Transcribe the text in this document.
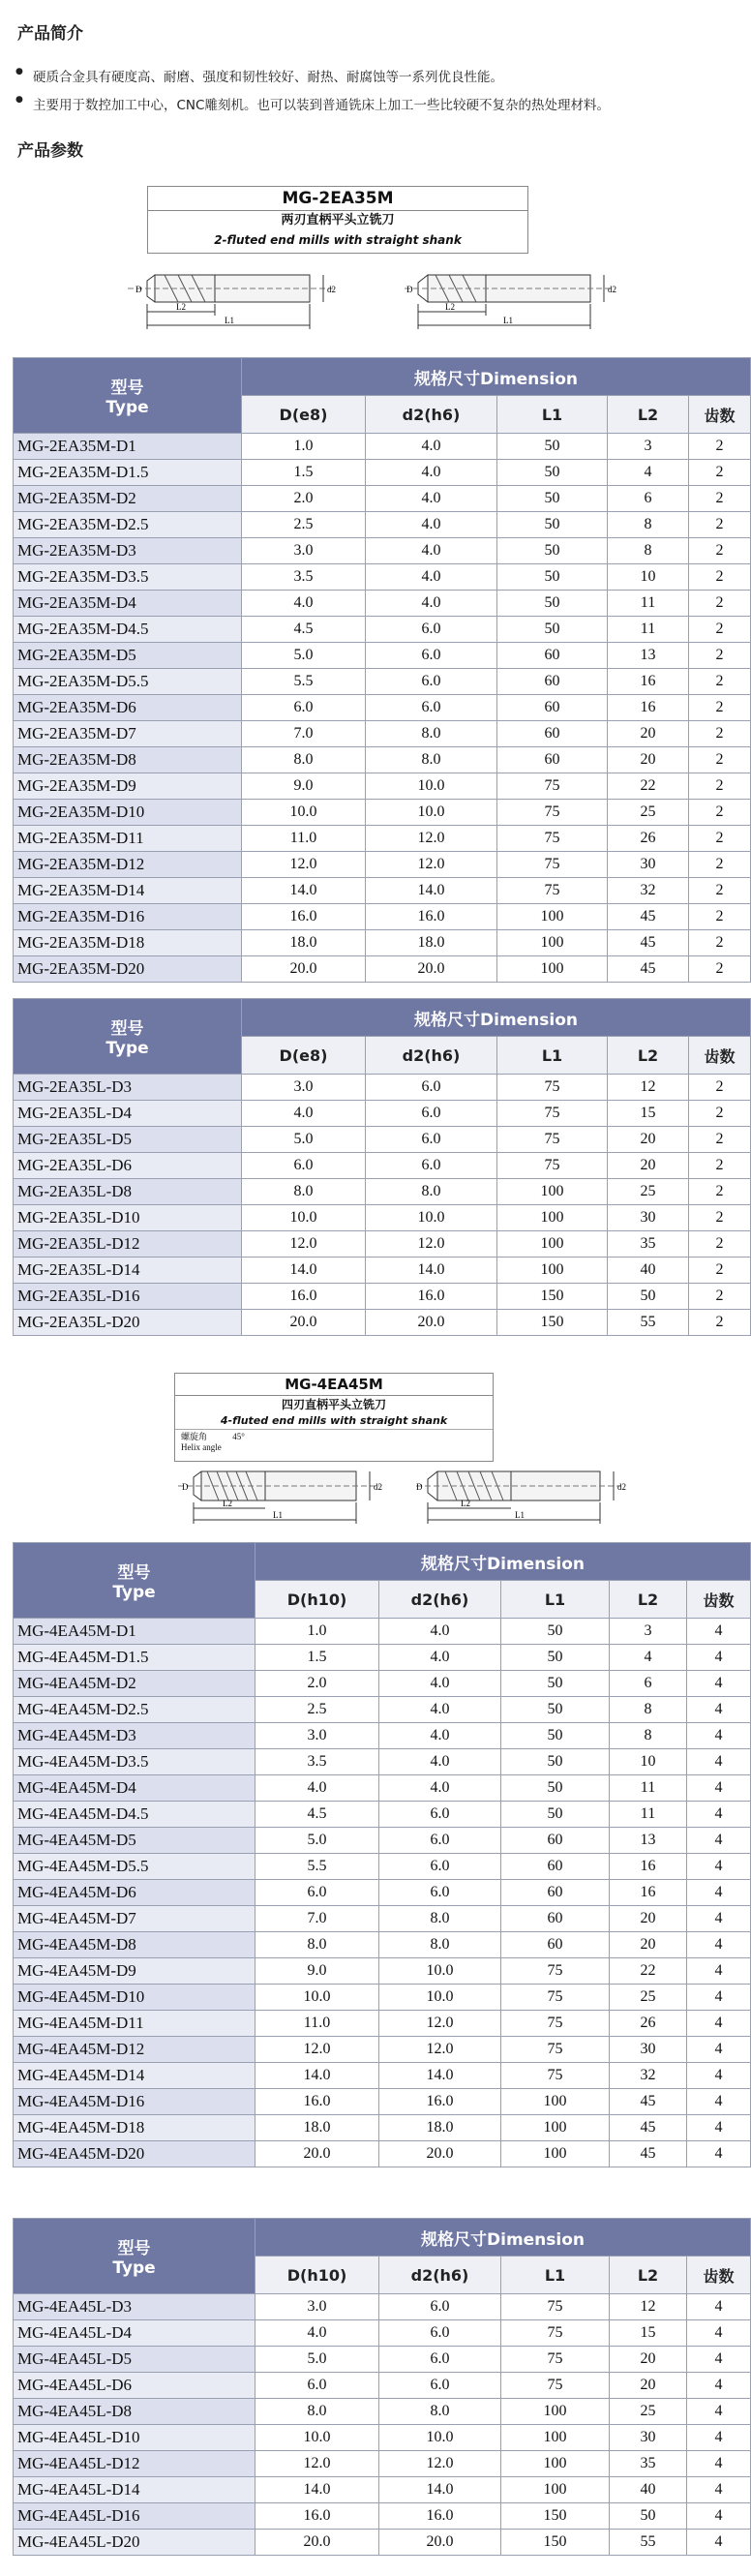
产品简介
● 硬质合金具有硬度高、耐磨、强度和韧性较好、耐热、耐腐蚀等一系列优良性能。
● 主要用于数控加工中心，CNC雕刻机。也可以装到普通铣床上加工一些比较硬不复杂的热处理材料。
产品参数
MG-2EA35M
两刃直柄平头立铣刀
2-fluted end mills with straight shank
D	d2
L2
L1
D	d2
L2
L1
型号
Type	规格尺寸Dimension				
	D(e8)	d2(h6)	L1	L2	齿数
MG-2EA35M-D1	1.0	4.0	50	3	2
MG-2EA35M-D1.5	1.5	4.0	50	4	2
MG-2EA35M-D2	2.0	4.0	50	6	2
MG-2EA35M-D2.5	2.5	4.0	50	8	2
MG-2EA35M-D3	3.0	4.0	50	8	2
MG-2EA35M-D3.5	3.5	4.0	50	10	2
MG-2EA35M-D4	4.0	4.0	50	11	2
MG-2EA35M-D4.5	4.5	6.0	50	11	2
MG-2EA35M-D5	5.0	6.0	60	13	2
MG-2EA35M-D5.5	5.5	6.0	60	16	2
MG-2EA35M-D6	6.0	6.0	60	16	2
MG-2EA35M-D7	7.0	8.0	60	20	2
MG-2EA35M-D8	8.0	8.0	60	20	2
MG-2EA35M-D9	9.0	10.0	75	22	2
MG-2EA35M-D10	10.0	10.0	75	25	2
MG-2EA35M-D11	11.0	12.0	75	26	2
MG-2EA35M-D12	12.0	12.0	75	30	2
MG-2EA35M-D14	14.0	14.0	75	32	2
MG-2EA35M-D16	16.0	16.0	100	45	2
MG-2EA35M-D18	18.0	18.0	100	45	2
MG-2EA35M-D20	20.0	20.0	100	45	2
型号
Type	规格尺寸Dimension				
	D(e8)	d2(h6)	L1	L2	齿数
MG-2EA35L-D3	3.0	6.0	75	12	2
MG-2EA35L-D4	4.0	6.0	75	15	2
MG-2EA35L-D5	5.0	6.0	75	20	2
MG-2EA35L-D6	6.0	6.0	75	20	2
MG-2EA35L-D8	8.0	8.0	100	25	2
MG-2EA35L-D10	10.0	10.0	100	30	2
MG-2EA35L-D12	12.0	12.0	100	35	2
MG-2EA35L-D14	14.0	14.0	100	40	2
MG-2EA35L-D16	16.0	16.0	150	50	2
MG-2EA35L-D20	20.0	20.0	150	55	2
MG-4EA45M
四刃直柄平头立铣刀
4-fluted end mills with straight shank
螺旋角	45°
Helix angle
D	d2
L2
L1
D	d2
L2
L1
型号
Type	规格尺寸Dimension				
	D(h10)	d2(h6)	L1	L2	齿数
MG-4EA45M-D1	1.0	4.0	50	3	4
MG-4EA45M-D1.5	1.5	4.0	50	4	4
MG-4EA45M-D2	2.0	4.0	50	6	4
MG-4EA45M-D2.5	2.5	4.0	50	8	4
MG-4EA45M-D3	3.0	4.0	50	8	4
MG-4EA45M-D3.5	3.5	4.0	50	10	4
MG-4EA45M-D4	4.0	4.0	50	11	4
MG-4EA45M-D4.5	4.5	6.0	50	11	4
MG-4EA45M-D5	5.0	6.0	60	13	4
MG-4EA45M-D5.5	5.5	6.0	60	16	4
MG-4EA45M-D6	6.0	6.0	60	16	4
MG-4EA45M-D7	7.0	8.0	60	20	4
MG-4EA45M-D8	8.0	8.0	60	20	4
MG-4EA45M-D9	9.0	10.0	75	22	4
MG-4EA45M-D10	10.0	10.0	75	25	4
MG-4EA45M-D11	11.0	12.0	75	26	4
MG-4EA45M-D12	12.0	12.0	75	30	4
MG-4EA45M-D14	14.0	14.0	75	32	4
MG-4EA45M-D16	16.0	16.0	100	45	4
MG-4EA45M-D18	18.0	18.0	100	45	4
MG-4EA45M-D20	20.0	20.0	100	45	4
型号
Type	规格尺寸Dimension				
	D(h10)	d2(h6)	L1	L2	齿数
MG-4EA45L-D3	3.0	6.0	75	12	4
MG-4EA45L-D4	4.0	6.0	75	15	4
MG-4EA45L-D5	5.0	6.0	75	20	4
MG-4EA45L-D6	6.0	6.0	75	20	4
MG-4EA45L-D8	8.0	8.0	100	25	4
MG-4EA45L-D10	10.0	10.0	100	30	4
MG-4EA45L-D12	12.0	12.0	100	35	4
MG-4EA45L-D14	14.0	14.0	100	40	4
MG-4EA45L-D16	16.0	16.0	150	50	4
MG-4EA45L-D20	20.0	20.0	150	55	4
